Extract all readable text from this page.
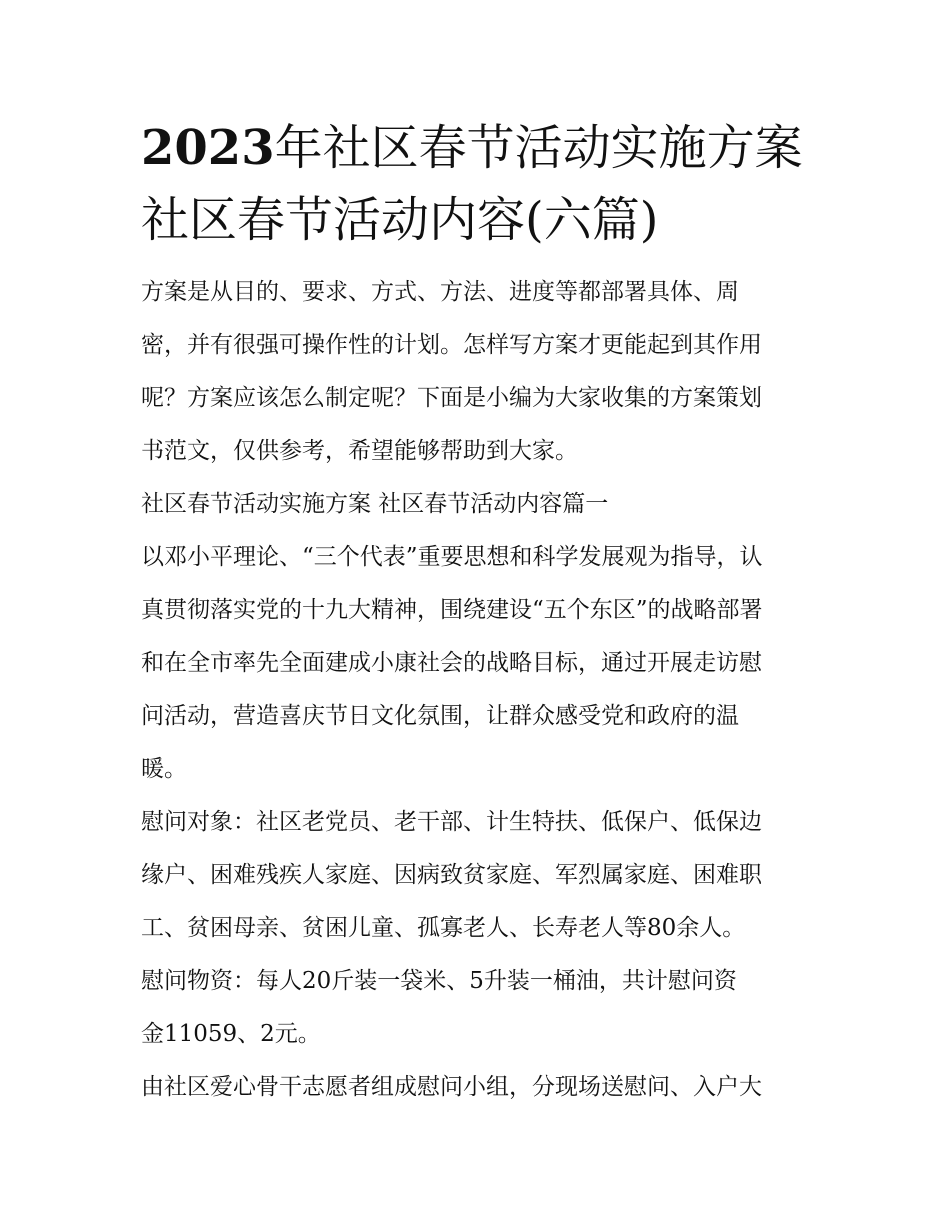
2023年社区春节活动实施方案
社区春节活动内容(六篇)

方案是从目的、要求、方式、方法、进度等都部署具体、周
密，并有很强可操作性的计划。怎样写方案才更能起到其作用
呢？方案应该怎么制定呢？下面是小编为大家收集的方案策划
书范文，仅供参考，希望能够帮助到大家。

社区春节活动实施方案 社区春节活动内容篇一

以邓小平理论、“三个代表”重要思想和科学发展观为指导，认
真贯彻落实党的十九大精神，围绕建设“五个东区”的战略部署
和在全市率先全面建成小康社会的战略目标，通过开展走访慰
问活动，营造喜庆节日文化氛围，让群众感受党和政府的温
暖。

慰问对象：社区老党员、老干部、计生特扶、低保户、低保边
缘户、困难残疾人家庭、因病致贫家庭、军烈属家庭、困难职
工、贫困母亲、贫困儿童、孤寡老人、长寿老人等80余人。

慰问物资：每人20斤装一袋米、5升装一桶油，共计慰问资
金11059、2元。

由社区爱心骨干志愿者组成慰问小组，分现场送慰问、入户大
